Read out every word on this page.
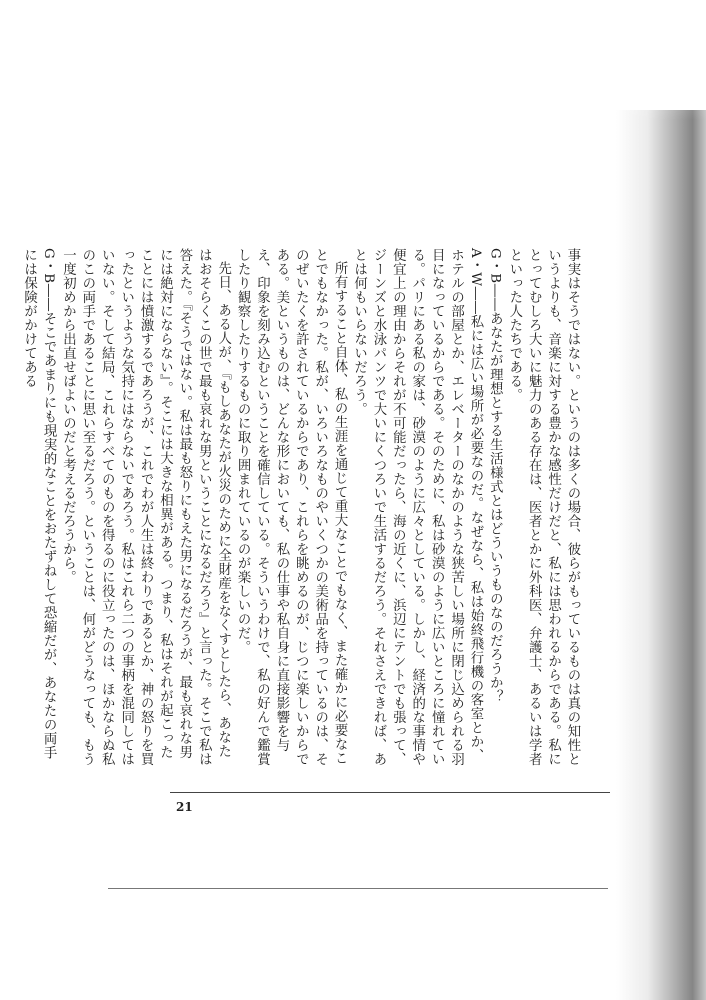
事実はそうではない。というのは多くの場合、彼らがもっているものは真の知性というよりも、音楽に対する豊かな感性だけだと、私には思われるからである。私にとってむしろ大いに魅力のある存在は、医者とかに外科医、弁護士、あるいは学者といった人たちである。

G・B――あなたが理想とする生活様式とはどういうものなのだろうか？

A・W――私には広い場所が必要なのだ。なぜなら、私は始終飛行機の客室とか、ホテルの部屋とか、エレベーターのなかのような狭苦しい場所に閉じ込められる羽目になっているからである。そのために、私は砂漠のように広いところに憧れている。パリにある私の家は、砂漠のように広々としている。しかし、経済的な事情や便宜上の理由からそれが不可能だったら、海の近くに、浜辺にテントでも張って、ジーンズと水泳パンツで大いにくつろいで生活するだろう。それさえできれば、あとは何もいらないだろう。

所有すること自体、私の生涯を通じて重大なことでもなく、また確かに必要なことでもなかった。私が、いろいろなものやいくつかの美術品を持っているのは、そのぜいたくを許されているからであり、これらを眺めるのが、じつに楽しいからである。美というものは、どんな形においても、私の仕事や私自身に直接影響を与え、印象を刻み込むということを確信している。そういうわけで、私の好んで鑑賞したり観察したりするものに取り囲まれているのが楽しいのだ。

先日、ある人が、『もしあなたが火災のために全財産をなくすとしたら、あなたはおそらくこの世で最も哀れな男ということになるだろう』と言った。そこで私は答えた。『そうではない。私は最も怒りにもえた男になるだろうが、最も哀れな男には絶対にならない』。そこには大きな相異がある。つまり、私はそれが起こったことには憤激するであろうが、これでわが人生は終わりであるとか、神の怒りを買ったというような気持にはならないであろう。私はこれら二つの事柄を混同してはいない。そして結局、これらすべてのものを得るのに役立ったのは、ほかならぬ私のこの両手であることに思い至るだろう。ということは、何がどうなっても、もう一度初めから出直せばよいのだと考えるだろうから。

G・B――そこであまりにも現実的なことをおたずねして恐縮だが、あなたの両手には保険がかけてある

21
